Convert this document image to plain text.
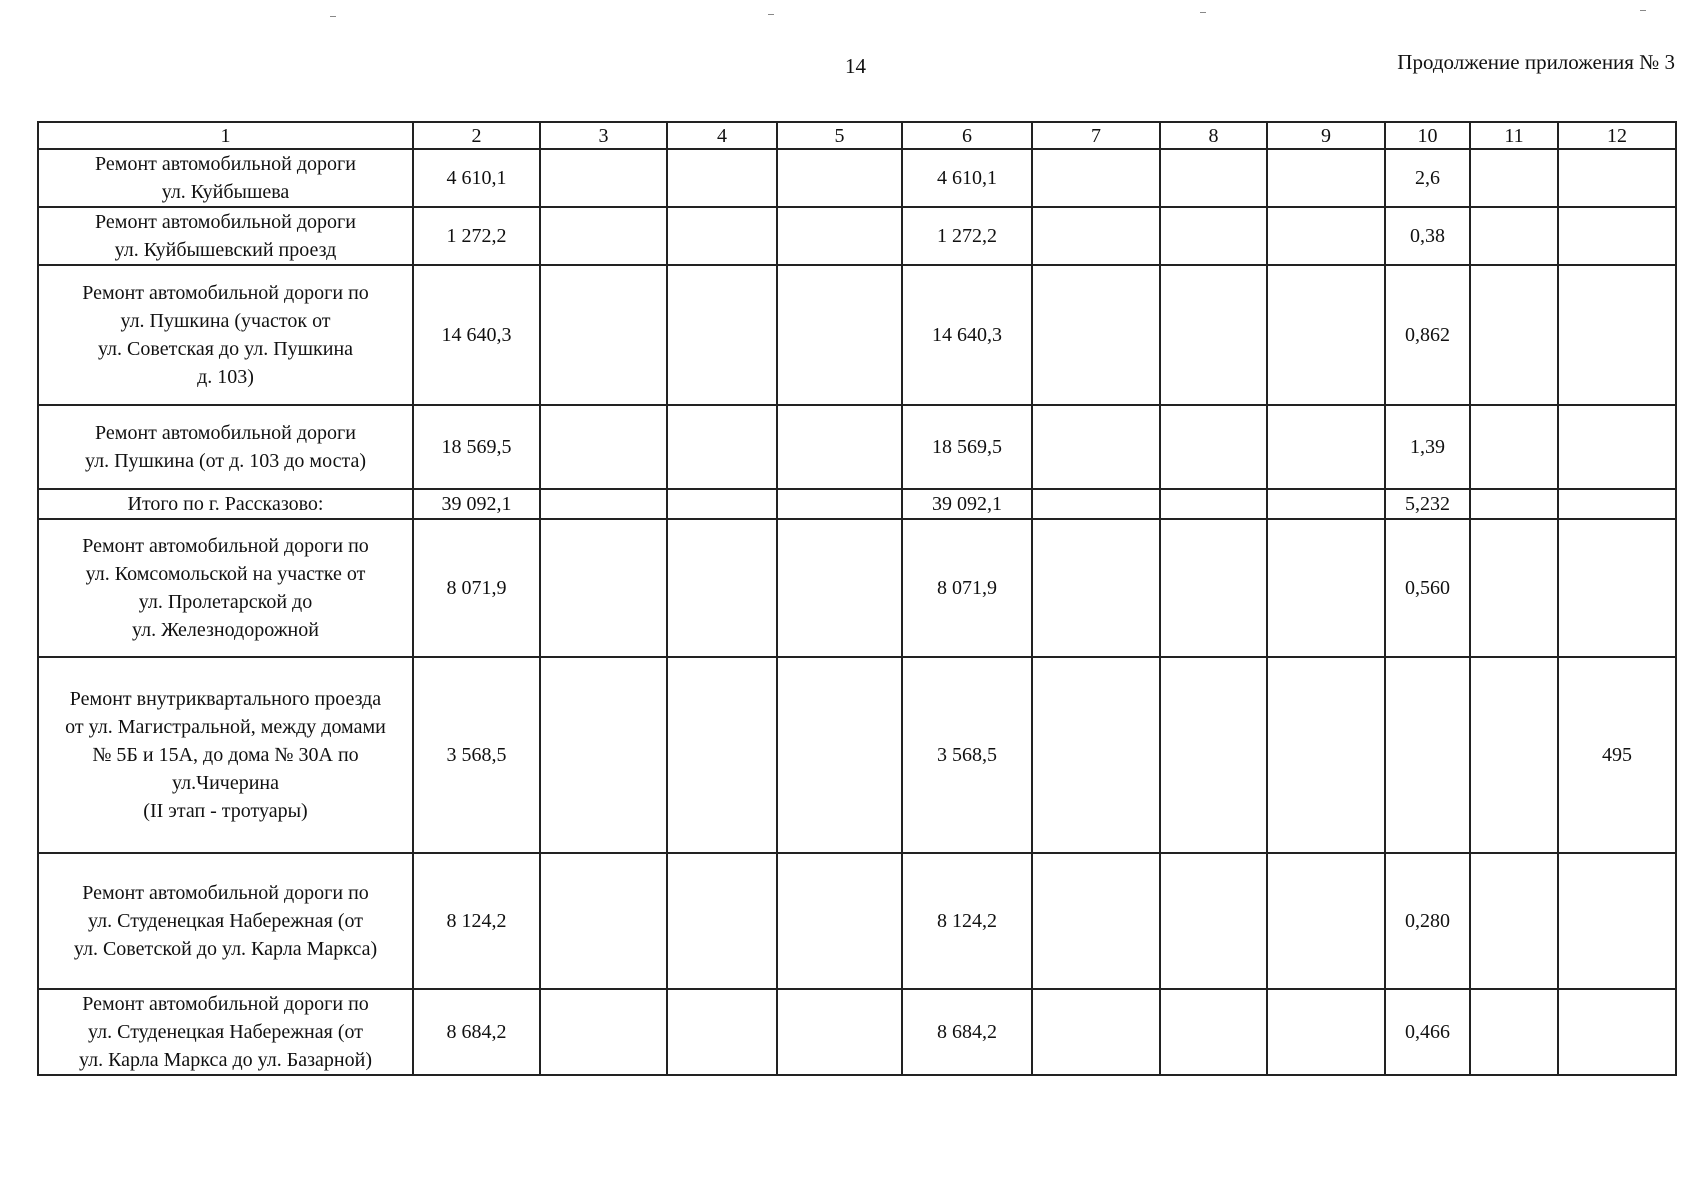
14	Продолжение приложения № 3
1	2	3	4	5	6	7	8	9	10	11	12
Ремонт автомобильной дороги
ул. Куйбышева	4 610,1				4 610,1				2,6		
Ремонт автомобильной дороги
ул. Куйбышевский проезд	1 272,2				1 272,2				0,38		
Ремонт автомобильной дороги по
ул. Пушкина (участок от
ул. Советская до ул. Пушкина
д. 103)	14 640,3				14 640,3				0,862		
Ремонт автомобильной дороги
ул. Пушкина (от д. 103 до моста)	18 569,5				18 569,5				1,39		
Итого по г. Рассказово:	39 092,1				39 092,1				5,232		
Ремонт автомобильной дороги по
ул. Комсомольской на участке от
ул. Пролетарской до
ул. Железнодорожной	8 071,9				8 071,9				0,560		
Ремонт внутриквартального проезда
от ул. Магистральной, между домами
№ 5Б и 15А, до дома № 30А по
ул.Чичерина
(II этап - тротуары)	3 568,5				3 568,5						495
Ремонт автомобильной дороги по
ул. Студенецкая Набережная (от
ул. Советской до ул. Карла Маркса)	8 124,2				8 124,2				0,280		
Ремонт автомобильной дороги по
ул. Студенецкая Набережная (от
ул. Карла Маркса до ул. Базарной)	8 684,2				8 684,2				0,466		
